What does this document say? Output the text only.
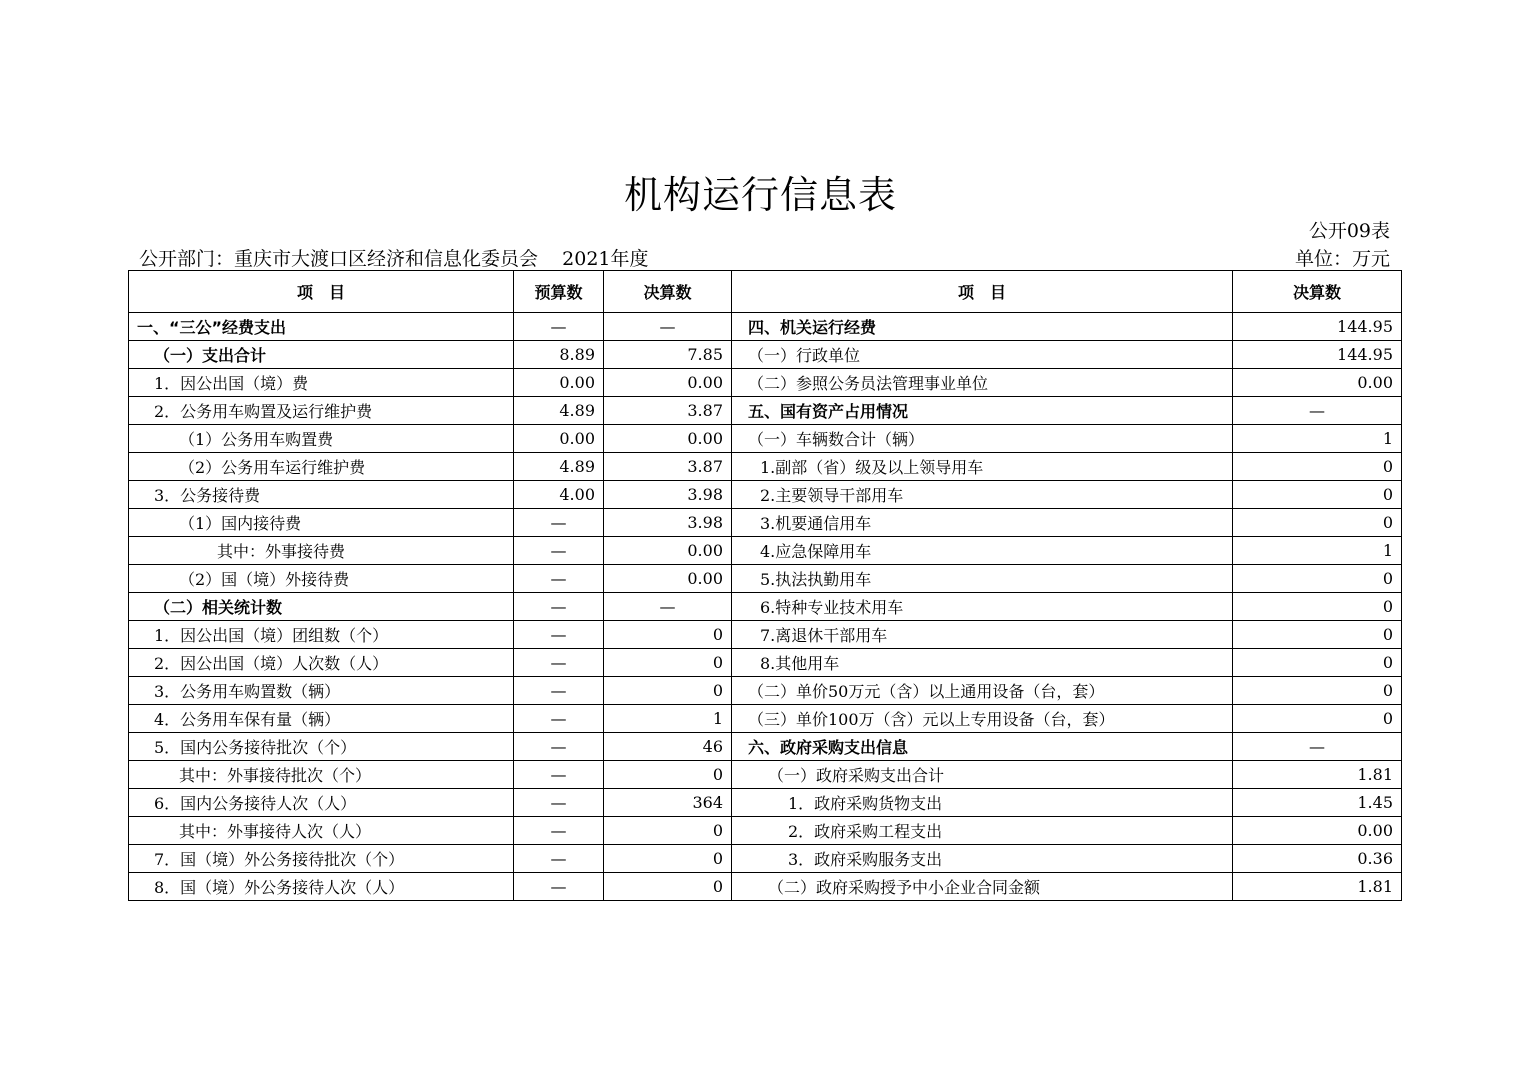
机构运行信息表
公开09表
公开部门：重庆市大渡口区经济和信息化委员会    2021年度	单位：万元
项　目	预算数	决算数	项　目	决算数
一、“三公”经费支出	—	—	四、机关运行经费	144.95
（一）支出合计	8.89	7.85	（一）行政单位	144.95
1．因公出国（境）费	0.00	0.00	（二）参照公务员法管理事业单位	0.00
2．公务用车购置及运行维护费	4.89	3.87	五、国有资产占用情况	—
（1）公务用车购置费	0.00	0.00	（一）车辆数合计（辆）	1
（2）公务用车运行维护费	4.89	3.87	1.副部（省）级及以上领导用车	0
3．公务接待费	4.00	3.98	2.主要领导干部用车	0
（1）国内接待费	—	3.98	3.机要通信用车	0
其中：外事接待费	—	0.00	4.应急保障用车	1
（2）国（境）外接待费	—	0.00	5.执法执勤用车	0
（二）相关统计数	—	—	6.特种专业技术用车	0
1．因公出国（境）团组数（个）	—	0	7.离退休干部用车	0
2．因公出国（境）人次数（人）	—	0	8.其他用车	0
3．公务用车购置数（辆）	—	0	（二）单价50万元（含）以上通用设备（台，套）	0
4．公务用车保有量（辆）	—	1	（三）单价100万（含）元以上专用设备（台，套）	0
5．国内公务接待批次（个）	—	46	六、政府采购支出信息	—
其中：外事接待批次（个）	—	0	（一）政府采购支出合计	1.81
6．国内公务接待人次（人）	—	364	1．政府采购货物支出	1.45
其中：外事接待人次（人）	—	0	2．政府采购工程支出	0.00
7．国（境）外公务接待批次（个）	—	0	3．政府采购服务支出	0.36
8．国（境）外公务接待人次（人）	—	0	（二）政府采购授予中小企业合同金额	1.81
